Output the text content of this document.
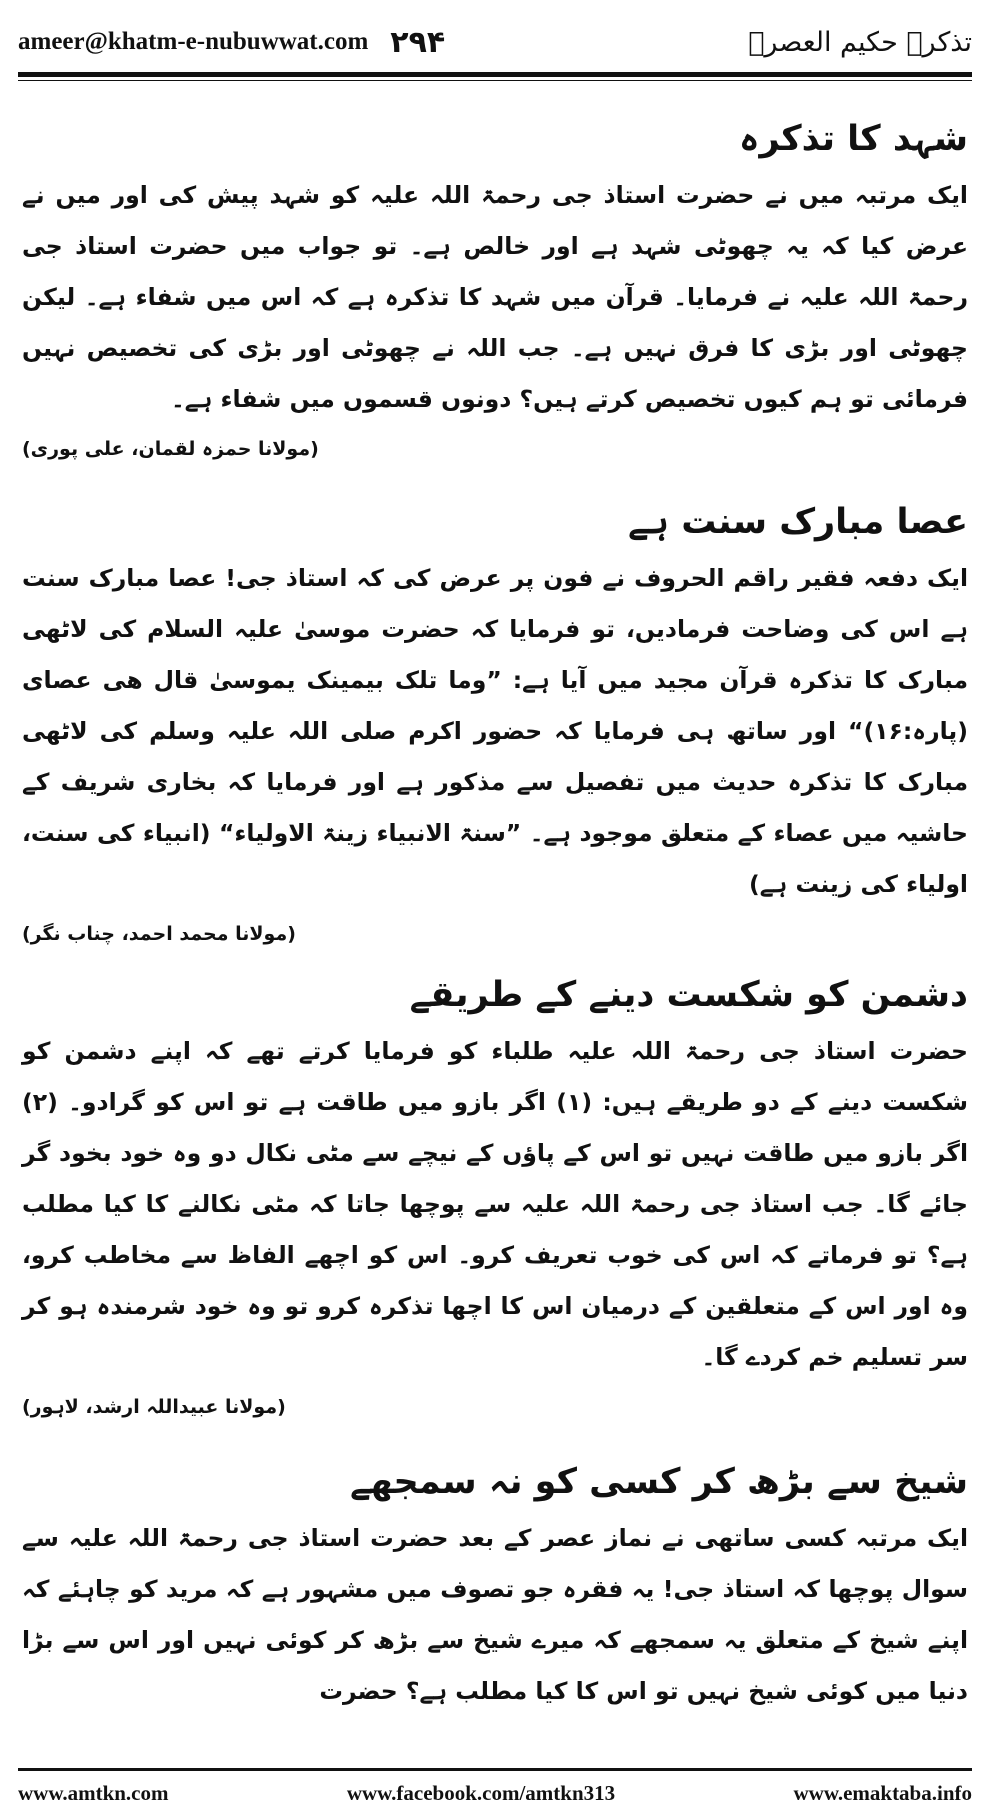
ameer@khatm-e-nubuwwat.com ۲۹۴	تذکرہ حکیم العصرؒ
شہد کا تذکرہ

ایک مرتبہ میں نے حضرت استاذ جی رحمۃ اللہ علیہ کو شہد پیش کی اور میں نے عرض کیا کہ یہ چھوٹی شہد ہے اور خالص ہے۔ تو جواب میں حضرت استاذ جی رحمۃ اللہ علیہ نے فرمایا۔ قرآن میں شہد کا تذکرہ ہے کہ اس میں شفاء ہے۔ لیکن چھوٹی اور بڑی کا فرق نہیں ہے۔ جب اللہ نے چھوٹی اور بڑی کی تخصیص نہیں فرمائی تو ہم کیوں تخصیص کرتے ہیں؟ دونوں قسموں میں شفاء ہے۔

(مولانا حمزہ لقمان، علی پوری)
عصا مبارک سنت ہے

ایک دفعہ فقیر راقم الحروف نے فون پر عرض کی کہ استاذ جی! عصا مبارک سنت ہے اس کی وضاحت فرمادیں، تو فرمایا کہ حضرت موسیٰ علیہ السلام کی لاٹھی مبارک کا تذکرہ قرآن مجید میں آیا ہے: ”وما تلک بیمینک یموسیٰ قال ھی عصای (پارہ:۱۶)“ اور ساتھ ہی فرمایا کہ حضور اکرم صلی اللہ علیہ وسلم کی لاٹھی مبارک کا تذکرہ حدیث میں تفصیل سے مذکور ہے اور فرمایا کہ بخاری شریف کے حاشیہ میں عصاء کے متعلق موجود ہے۔ ”سنۃ الانبیاء زینۃ الاولیاء“ (انبیاء کی سنت، اولیاء کی زینت ہے)

(مولانا محمد احمد، چناب نگر)
دشمن کو شکست دینے کے طریقے

حضرت استاذ جی رحمۃ اللہ علیہ طلباء کو فرمایا کرتے تھے کہ اپنے دشمن کو شکست دینے کے دو طریقے ہیں: (۱) اگر بازو میں طاقت ہے تو اس کو گرادو۔ (۲) اگر بازو میں طاقت نہیں تو اس کے پاؤں کے نیچے سے مٹی نکال دو وہ خود بخود گر جائے گا۔ جب استاذ جی رحمۃ اللہ علیہ سے پوچھا جاتا کہ مٹی نکالنے کا کیا مطلب ہے؟ تو فرماتے کہ اس کی خوب تعریف کرو۔ اس کو اچھے الفاظ سے مخاطب کرو، وہ اور اس کے متعلقین کے درمیان اس کا اچھا تذکرہ کرو تو وہ خود شرمندہ ہو کر سر تسلیم خم کردے گا۔

(مولانا عبیداللہ ارشد، لاہور)
شیخ سے بڑھ کر کسی کو نہ سمجھے

ایک مرتبہ کسی ساتھی نے نماز عصر کے بعد حضرت استاذ جی رحمۃ اللہ علیہ سے سوال پوچھا کہ استاذ جی! یہ فقرہ جو تصوف میں مشہور ہے کہ مرید کو چاہئے کہ اپنے شیخ کے متعلق یہ سمجھے کہ میرے شیخ سے بڑھ کر کوئی نہیں اور اس سے بڑا دنیا میں کوئی شیخ نہیں تو اس کا کیا مطلب ہے؟ حضرت

www.amtkn.com	www.facebook.com/amtkn313	www.emaktaba.info
